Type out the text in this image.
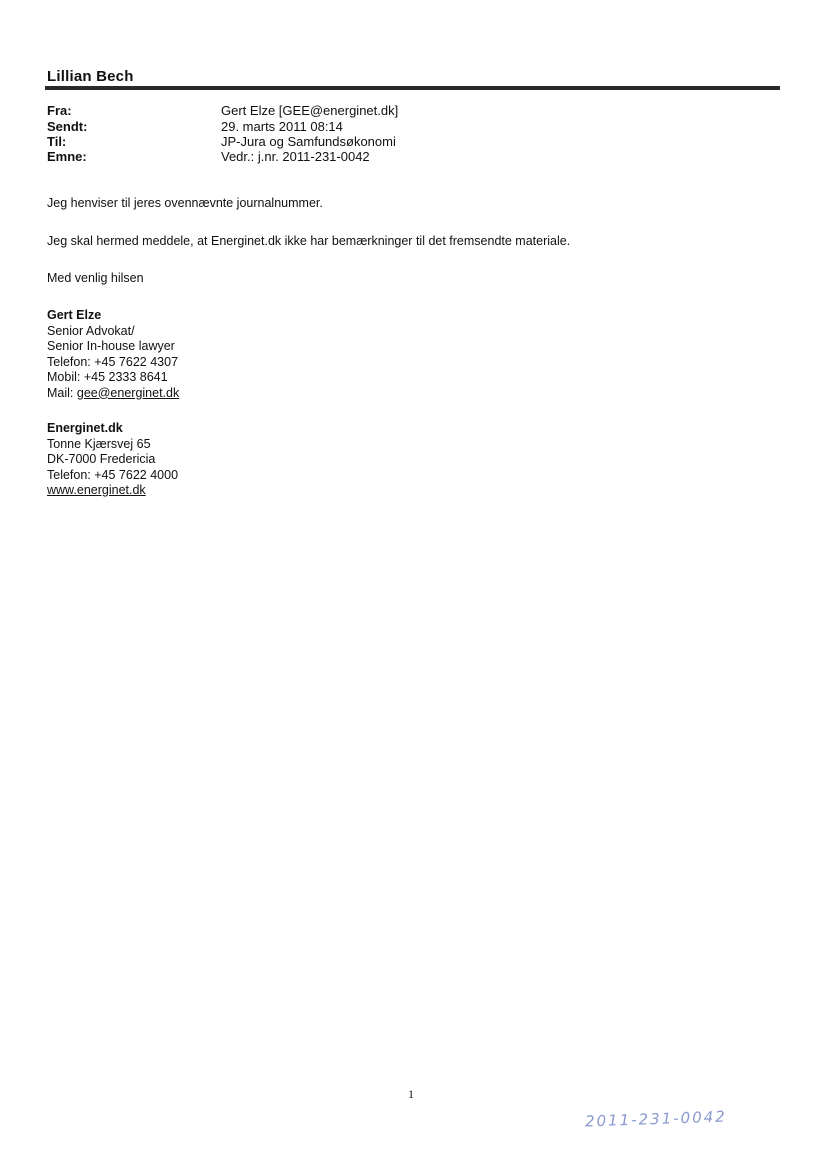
Lillian Bech
Fra:	Gert Elze [GEE@energinet.dk]
Sendt:	29. marts 2011 08:14
Til:	JP-Jura og Samfundsøkonomi
Emne:	Vedr.: j.nr. 2011-231-0042
Jeg henviser til jeres ovennævnte journalnummer.
Jeg skal hermed meddele, at Energinet.dk ikke har bemærkninger til det fremsendte materiale.
Med venlig hilsen
Gert Elze
Senior Advokat/
Senior In-house lawyer
Telefon: +45 7622 4307
Mobil: +45 2333 8641
Mail: gee@energinet.dk
Energinet.dk
Tonne Kjærsvej 65
DK-7000 Fredericia
Telefon: +45 7622 4000
www.energinet.dk
1
2011-231-0042
